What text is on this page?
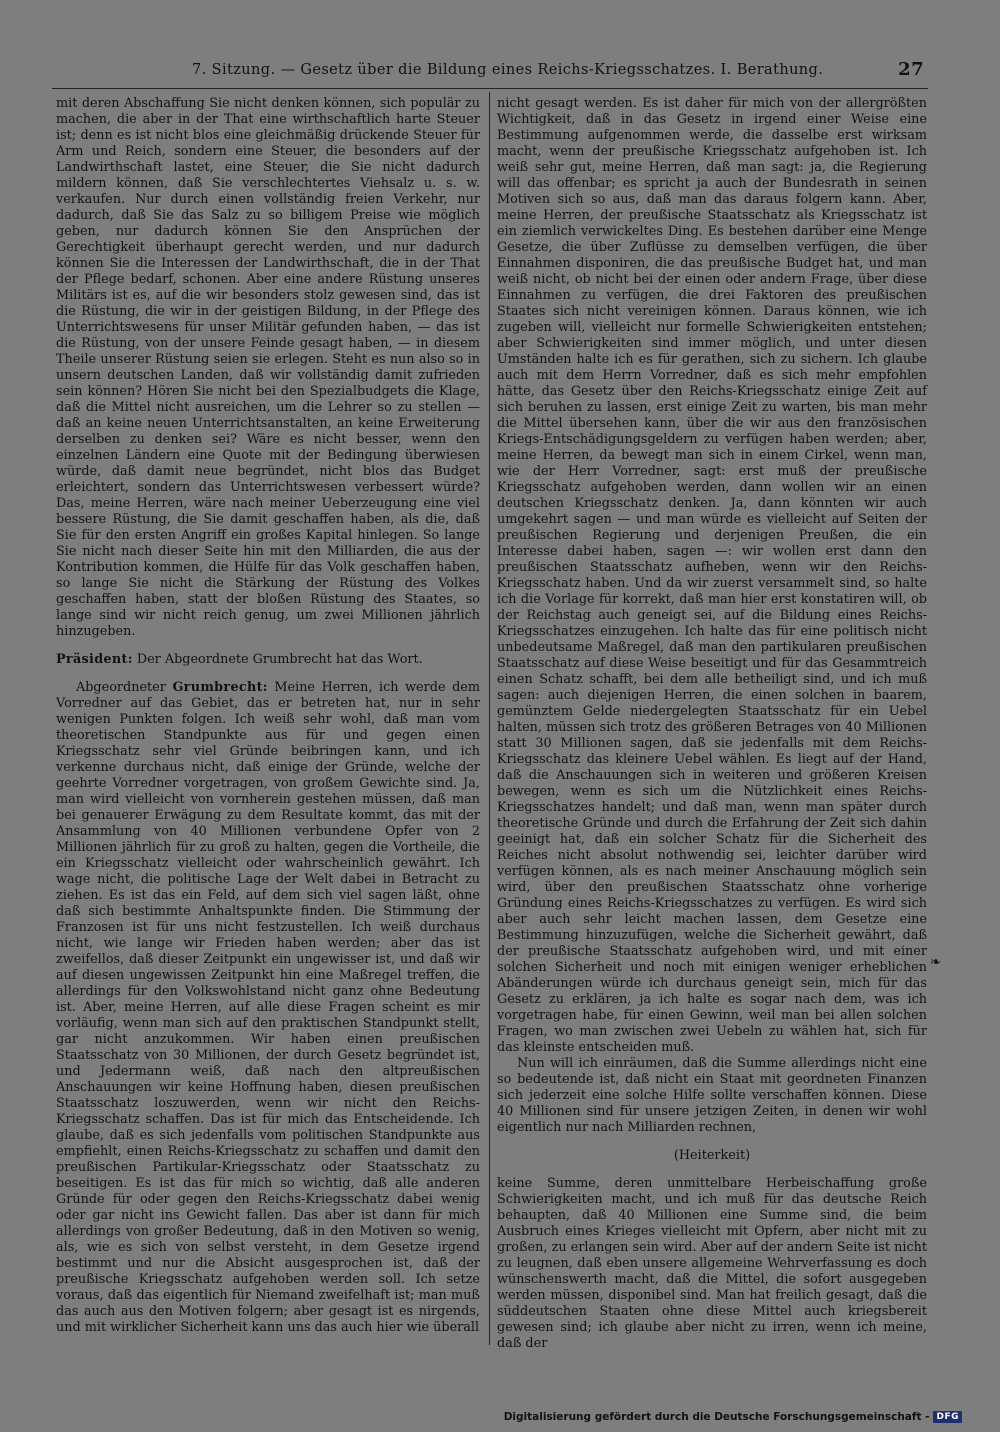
7. Sitzung. — Gesetz über die Bildung eines Reichs-Kriegsschatzes. I. Berathung.	27

mit deren Abschaffung Sie nicht denken können, sich populär zu machen, die aber in der That eine wirthschaftlich harte Steuer ist; denn es ist nicht blos eine gleichmäßig drückende Steuer für Arm und Reich, sondern eine Steuer, die besonders auf der Landwirthschaft lastet, eine Steuer, die Sie nicht dadurch mildern können, daß Sie verschlechtertes Viehsalz u. s. w. verkaufen. Nur durch einen vollständig freien Verkehr, nur dadurch, daß Sie das Salz zu so billigem Preise wie möglich geben, nur dadurch können Sie den Ansprüchen der Gerechtigkeit überhaupt gerecht werden, und nur dadurch können Sie die Interessen der Landwirthschaft, die in der That der Pflege bedarf, schonen. Aber eine andere Rüstung unseres Militärs ist es, auf die wir besonders stolz gewesen sind, das ist die Rüstung, die wir in der geistigen Bildung, in der Pflege des Unterrichtswesens für unser Militär gefunden haben, — das ist die Rüstung, von der unsere Feinde gesagt haben, — in diesem Theile unserer Rüstung seien sie erlegen. Steht es nun also so in unsern deutschen Landen, daß wir vollständig damit zufrieden sein können? Hören Sie nicht bei den Spezialbudgets die Klage, daß die Mittel nicht ausreichen, um die Lehrer so zu stellen — daß an keine neuen Unterrichtsanstalten, an keine Erweiterung derselben zu denken sei? Wäre es nicht besser, wenn den einzelnen Ländern eine Quote mit der Bedingung überwiesen würde, daß damit neue begründet, nicht blos das Budget erleichtert, sondern das Unterrichtswesen verbessert würde? Das, meine Herren, wäre nach meiner Ueberzeugung eine viel bessere Rüstung, die Sie damit geschaffen haben, als die, daß Sie für den ersten Angriff ein großes Kapital hinlegen. So lange Sie nicht nach dieser Seite hin mit den Milliarden, die aus der Kontribution kommen, die Hülfe für das Volk geschaffen haben, so lange Sie nicht die Stärkung der Rüstung des Volkes geschaffen haben, statt der bloßen Rüstung des Staates, so lange sind wir nicht reich genug, um zwei Millionen jährlich hinzugeben.

Präsident: Der Abgeordnete Grumbrecht hat das Wort.

Abgeordneter Grumbrecht: Meine Herren, ich werde dem Vorredner auf das Gebiet, das er betreten hat, nur in sehr wenigen Punkten folgen. Ich weiß sehr wohl, daß man vom theoretischen Standpunkte aus für und gegen einen Kriegsschatz sehr viel Gründe beibringen kann, und ich verkenne durchaus nicht, daß einige der Gründe, welche der geehrte Vorredner vorgetragen, von großem Gewichte sind. Ja, man wird vielleicht von vornherein gestehen müssen, daß man bei genauerer Erwägung zu dem Resultate kommt, das mit der Ansammlung von 40 Millionen verbundene Opfer von 2 Millionen jährlich für zu groß zu halten, gegen die Vortheile, die ein Kriegsschatz vielleicht oder wahrscheinlich gewährt. Ich wage nicht, die politische Lage der Welt dabei in Betracht zu ziehen. Es ist das ein Feld, auf dem sich viel sagen läßt, ohne daß sich bestimmte Anhaltspunkte finden. Die Stimmung der Franzosen ist für uns nicht festzustellen. Ich weiß durchaus nicht, wie lange wir Frieden haben werden; aber das ist zweifellos, daß dieser Zeitpunkt ein ungewisser ist, und daß wir auf diesen ungewissen Zeitpunkt hin eine Maßregel treffen, die allerdings für den Volkswohlstand nicht ganz ohne Bedeutung ist. Aber, meine Herren, auf alle diese Fragen scheint es mir vorläufig, wenn man sich auf den praktischen Standpunkt stellt, gar nicht anzukommen. Wir haben einen preußischen Staatsschatz von 30 Millionen, der durch Gesetz begründet ist, und Jedermann weiß, daß nach den altpreußischen Anschauungen wir keine Hoffnung haben, diesen preußischen Staatsschatz loszuwerden, wenn wir nicht den Reichs-Kriegsschatz schaffen. Das ist für mich das Entscheidende. Ich glaube, daß es sich jedenfalls vom politischen Standpunkte aus empfiehlt, einen Reichs-Kriegsschatz zu schaffen und damit den preußischen Partikular-Kriegsschatz oder Staatsschatz zu beseitigen. Es ist das für mich so wichtig, daß alle anderen Gründe für oder gegen den Reichs-Kriegsschatz dabei wenig oder gar nicht ins Gewicht fallen. Das aber ist dann für mich allerdings von großer Bedeutung, daß in den Motiven so wenig, als, wie es sich von selbst versteht, in dem Gesetze irgend bestimmt und nur die Absicht ausgesprochen ist, daß der preußische Kriegsschatz aufgehoben werden soll. Ich setze voraus, daß das eigentlich für Niemand zweifelhaft ist; man muß das auch aus den Motiven folgern; aber gesagt ist es nirgends, und mit wirklicher Sicherheit kann uns das auch hier wie überall

nicht gesagt werden. Es ist daher für mich von der allergrößten Wichtigkeit, daß in das Gesetz in irgend einer Weise eine Bestimmung aufgenommen werde, die dasselbe erst wirksam macht, wenn der preußische Kriegsschatz aufgehoben ist. Ich weiß sehr gut, meine Herren, daß man sagt: ja, die Regierung will das offenbar; es spricht ja auch der Bundesrath in seinen Motiven sich so aus, daß man das daraus folgern kann. Aber, meine Herren, der preußische Staatsschatz als Kriegsschatz ist ein ziemlich verwickeltes Ding. Es bestehen darüber eine Menge Gesetze, die über Zuflüsse zu demselben verfügen, die über Einnahmen disponiren, die das preußische Budget hat, und man weiß nicht, ob nicht bei der einen oder andern Frage, über diese Einnahmen zu verfügen, die drei Faktoren des preußischen Staates sich nicht vereinigen können. Daraus können, wie ich zugeben will, vielleicht nur formelle Schwierigkeiten entstehen; aber Schwierigkeiten sind immer möglich, und unter diesen Umständen halte ich es für gerathen, sich zu sichern. Ich glaube auch mit dem Herrn Vorredner, daß es sich mehr empfohlen hätte, das Gesetz über den Reichs-Kriegsschatz einige Zeit auf sich beruhen zu lassen, erst einige Zeit zu warten, bis man mehr die Mittel übersehen kann, über die wir aus den französischen Kriegs-Entschädigungsgeldern zu verfügen haben werden; aber, meine Herren, da bewegt man sich in einem Cirkel, wenn man, wie der Herr Vorredner, sagt: erst muß der preußische Kriegsschatz aufgehoben werden, dann wollen wir an einen deutschen Kriegsschatz denken. Ja, dann könnten wir auch umgekehrt sagen — und man würde es vielleicht auf Seiten der preußischen Regierung und derjenigen Preußen, die ein Interesse dabei haben, sagen —: wir wollen erst dann den preußischen Staatsschatz aufheben, wenn wir den Reichs-Kriegsschatz haben. Und da wir zuerst versammelt sind, so halte ich die Vorlage für korrekt, daß man hier erst konstatiren will, ob der Reichstag auch geneigt sei, auf die Bildung eines Reichs-Kriegsschatzes einzugehen. Ich halte das für eine politisch nicht unbedeutsame Maßregel, daß man den partikularen preußischen Staatsschatz auf diese Weise beseitigt und für das Gesammtreich einen Schatz schafft, bei dem alle betheiligt sind, und ich muß sagen: auch diejenigen Herren, die einen solchen in baarem, gemünztem Gelde niedergelegten Staatsschatz für ein Uebel halten, müssen sich trotz des größeren Betrages von 40 Millionen statt 30 Millionen sagen, daß sie jedenfalls mit dem Reichs-Kriegsschatz das kleinere Uebel wählen. Es liegt auf der Hand, daß die Anschauungen sich in weiteren und größeren Kreisen bewegen, wenn es sich um die Nützlichkeit eines Reichs-Kriegsschatzes handelt; und daß man, wenn man später durch theoretische Gründe und durch die Erfahrung der Zeit sich dahin geeinigt hat, daß ein solcher Schatz für die Sicherheit des Reiches nicht absolut nothwendig sei, leichter darüber wird verfügen können, als es nach meiner Anschauung möglich sein wird, über den preußischen Staatsschatz ohne vorherige Gründung eines Reichs-Kriegsschatzes zu verfügen. Es wird sich aber auch sehr leicht machen lassen, dem Gesetze eine Bestimmung hinzuzufügen, welche die Sicherheit gewährt, daß der preußische Staatsschatz aufgehoben wird, und mit einer solchen Sicherheit und noch mit einigen weniger erheblichen Abänderungen würde ich durchaus geneigt sein, mich für das Gesetz zu erklären, ja ich halte es sogar nach dem, was ich vorgetragen habe, für einen Gewinn, weil man bei allen solchen Fragen, wo man zwischen zwei Uebeln zu wählen hat, sich für das kleinste entscheiden muß.

Nun will ich einräumen, daß die Summe allerdings nicht eine so bedeutende ist, daß nicht ein Staat mit geordneten Finanzen sich jederzeit eine solche Hilfe sollte verschaffen können. Diese 40 Millionen sind für unsere jetzigen Zeiten, in denen wir wohl eigentlich nur nach Milliarden rechnen,

(Heiterkeit)

keine Summe, deren unmittelbare Herbeischaffung große Schwierigkeiten macht, und ich muß für das deutsche Reich behaupten, daß 40 Millionen eine Summe sind, die beim Ausbruch eines Krieges vielleicht mit Opfern, aber nicht mit zu großen, zu erlangen sein wird. Aber auf der andern Seite ist nicht zu leugnen, daß eben unsere allgemeine Wehrverfassung es doch wünschenswerth macht, daß die Mittel, die sofort ausgegeben werden müssen, disponibel sind. Man hat freilich gesagt, daß die süddeutschen Staaten ohne diese Mittel auch kriegsbereit gewesen sind; ich glaube aber nicht zu irren, wenn ich meine, daß der

❧
Digitalisierung gefördert durch die Deutsche Forschungsgemeinschaft - DFG
